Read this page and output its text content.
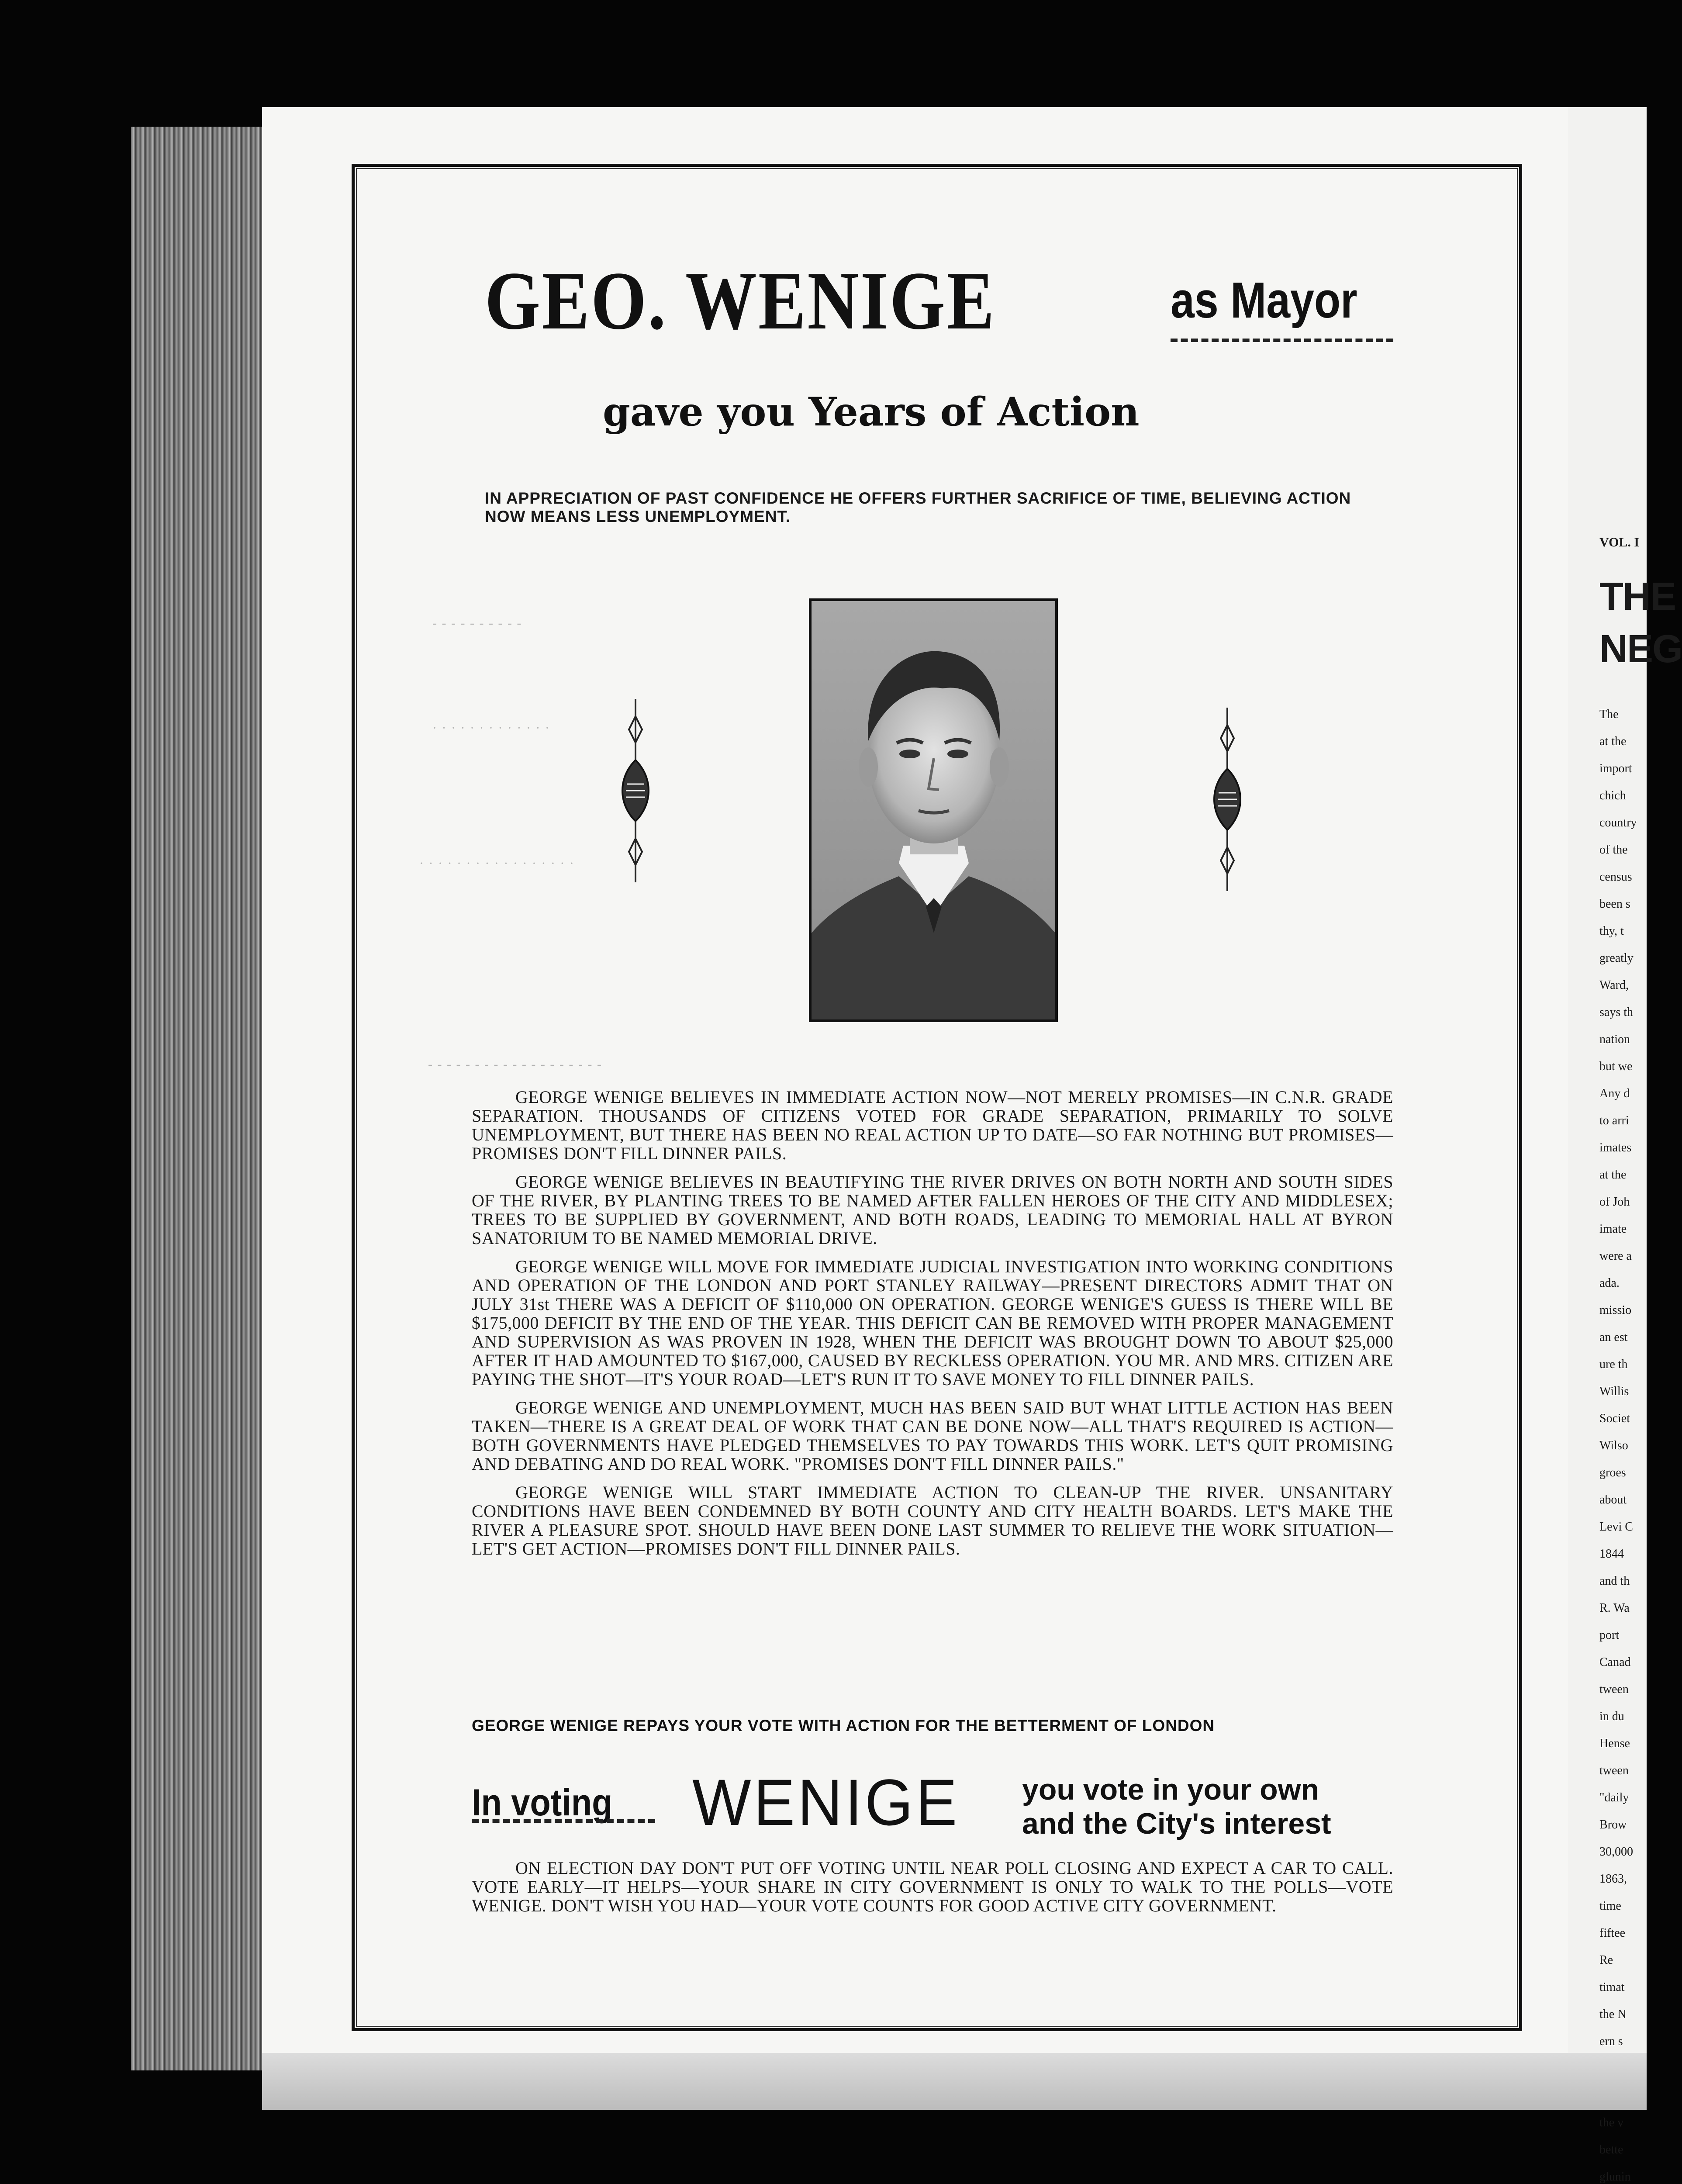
VOL. I
THE
NEG
The
at the
import
chich
country
of the
census
been s
thy, t
greatly
Ward,
says th
nation
but we
Any d
to arri
imates
at the
of Joh
imate
were a
ada.
missio
an est
ure th
Willis
Societ
Wilso
groes
about
Levi C
1844
and th
R. Wa
port
Canad
tween
in du
Hense
tween
"daily
Brow
30,000
1863,
time
fiftee
Re
timat
the N
ern s
the v
bette
glunin
GEO. WENIGE	as Mayor
gave you Years of Action
IN APPRECIATION OF PAST CONFIDENCE HE OFFERS FURTHER SACRIFICE OF TIME, BELIEVING ACTION NOW MEANS LESS UNEMPLOYMENT.
- - - - - - - - - -
· · · · · · · · · · · · ·
· · · · · · · · · · · · · · · · ·
- - - - - - - - - - - - - - - - - - -

GEORGE WENIGE BELIEVES IN IMMEDIATE ACTION NOW—NOT MERELY PROMISES—IN C.N.R. GRADE SEPARATION. THOUSANDS OF CITIZENS VOTED FOR GRADE SEPARATION, PRIMARILY TO SOLVE UNEMPLOYMENT, BUT THERE HAS BEEN NO REAL ACTION UP TO DATE—SO FAR NOTHING BUT PROMISES—PROMISES DON'T FILL DINNER PAILS.

GEORGE WENIGE BELIEVES IN BEAUTIFYING THE RIVER DRIVES ON BOTH NORTH AND SOUTH SIDES OF THE RIVER, BY PLANTING TREES TO BE NAMED AFTER FALLEN HEROES OF THE CITY AND MIDDLESEX; TREES TO BE SUPPLIED BY GOVERNMENT, AND BOTH ROADS, LEADING TO MEMORIAL HALL AT BYRON SANATORIUM TO BE NAMED MEMORIAL DRIVE.

GEORGE WENIGE WILL MOVE FOR IMMEDIATE JUDICIAL INVESTIGATION INTO WORKING CONDITIONS AND OPERATION OF THE LONDON AND PORT STANLEY RAILWAY—PRESENT DIRECTORS ADMIT THAT ON JULY 31st THERE WAS A DEFICIT OF $110,000 ON OPERATION. GEORGE WENIGE'S GUESS IS THERE WILL BE $175,000 DEFICIT BY THE END OF THE YEAR. THIS DEFICIT CAN BE REMOVED WITH PROPER MANAGEMENT AND SUPERVISION AS WAS PROVEN IN 1928, WHEN THE DEFICIT WAS BROUGHT DOWN TO ABOUT $25,000 AFTER IT HAD AMOUNTED TO $167,000, CAUSED BY RECKLESS OPERATION. YOU MR. AND MRS. CITIZEN ARE PAYING THE SHOT—IT'S YOUR ROAD—LET'S RUN IT TO SAVE MONEY TO FILL DINNER PAILS.

GEORGE WENIGE AND UNEMPLOYMENT, MUCH HAS BEEN SAID BUT WHAT LITTLE ACTION HAS BEEN TAKEN—THERE IS A GREAT DEAL OF WORK THAT CAN BE DONE NOW—ALL THAT'S REQUIRED IS ACTION—BOTH GOVERNMENTS HAVE PLEDGED THEMSELVES TO PAY TOWARDS THIS WORK. LET'S QUIT PROMISING AND DEBATING AND DO REAL WORK. "PROMISES DON'T FILL DINNER PAILS."

GEORGE WENIGE WILL START IMMEDIATE ACTION TO CLEAN-UP THE RIVER. UNSANITARY CONDITIONS HAVE BEEN CONDEMNED BY BOTH COUNTY AND CITY HEALTH BOARDS. LET'S MAKE THE RIVER A PLEASURE SPOT. SHOULD HAVE BEEN DONE LAST SUMMER TO RELIEVE THE WORK SITUATION—LET'S GET ACTION—PROMISES DON'T FILL DINNER PAILS.

GEORGE WENIGE REPAYS YOUR VOTE WITH ACTION FOR THE BETTERMENT OF LONDON
In voting WENIGE you vote in your own
and the City's interest
ON ELECTION DAY DON'T PUT OFF VOTING UNTIL NEAR POLL CLOSING AND EXPECT A CAR TO CALL. VOTE EARLY—IT HELPS—YOUR SHARE IN CITY GOVERNMENT IS ONLY TO WALK TO THE POLLS—VOTE WENIGE. DON'T WISH YOU HAD—YOUR VOTE COUNTS FOR GOOD ACTIVE CITY GOVERNMENT.
